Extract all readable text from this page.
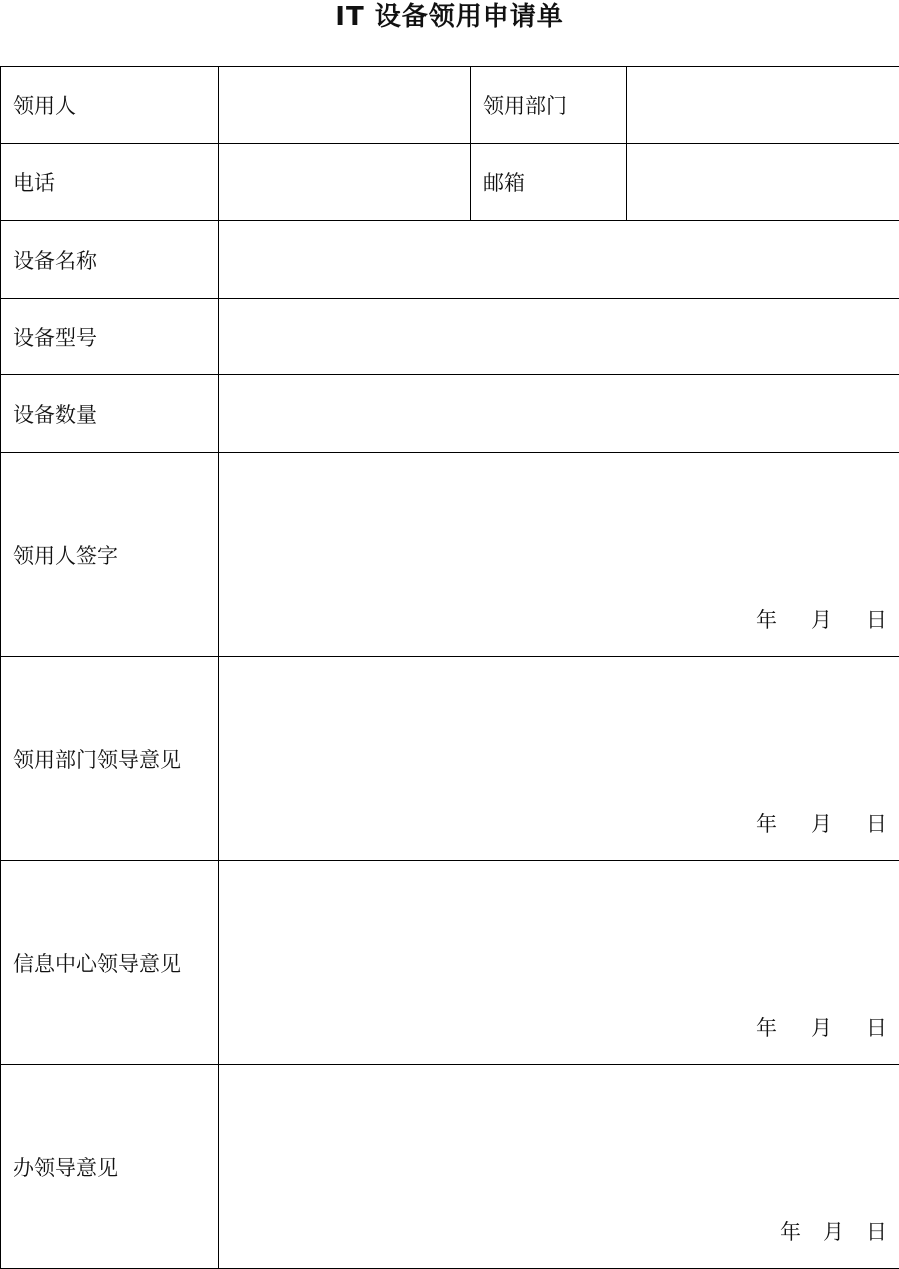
IT 设备领用申请单
领用人		领用部门	
电话		邮箱	
设备名称			
设备型号			
设备数量			
领用人签字	年 月 日		

领用部门领导意见	年 月 日		

信息中心领导意见	年 月 日		

办领导意见	年 月 日		
